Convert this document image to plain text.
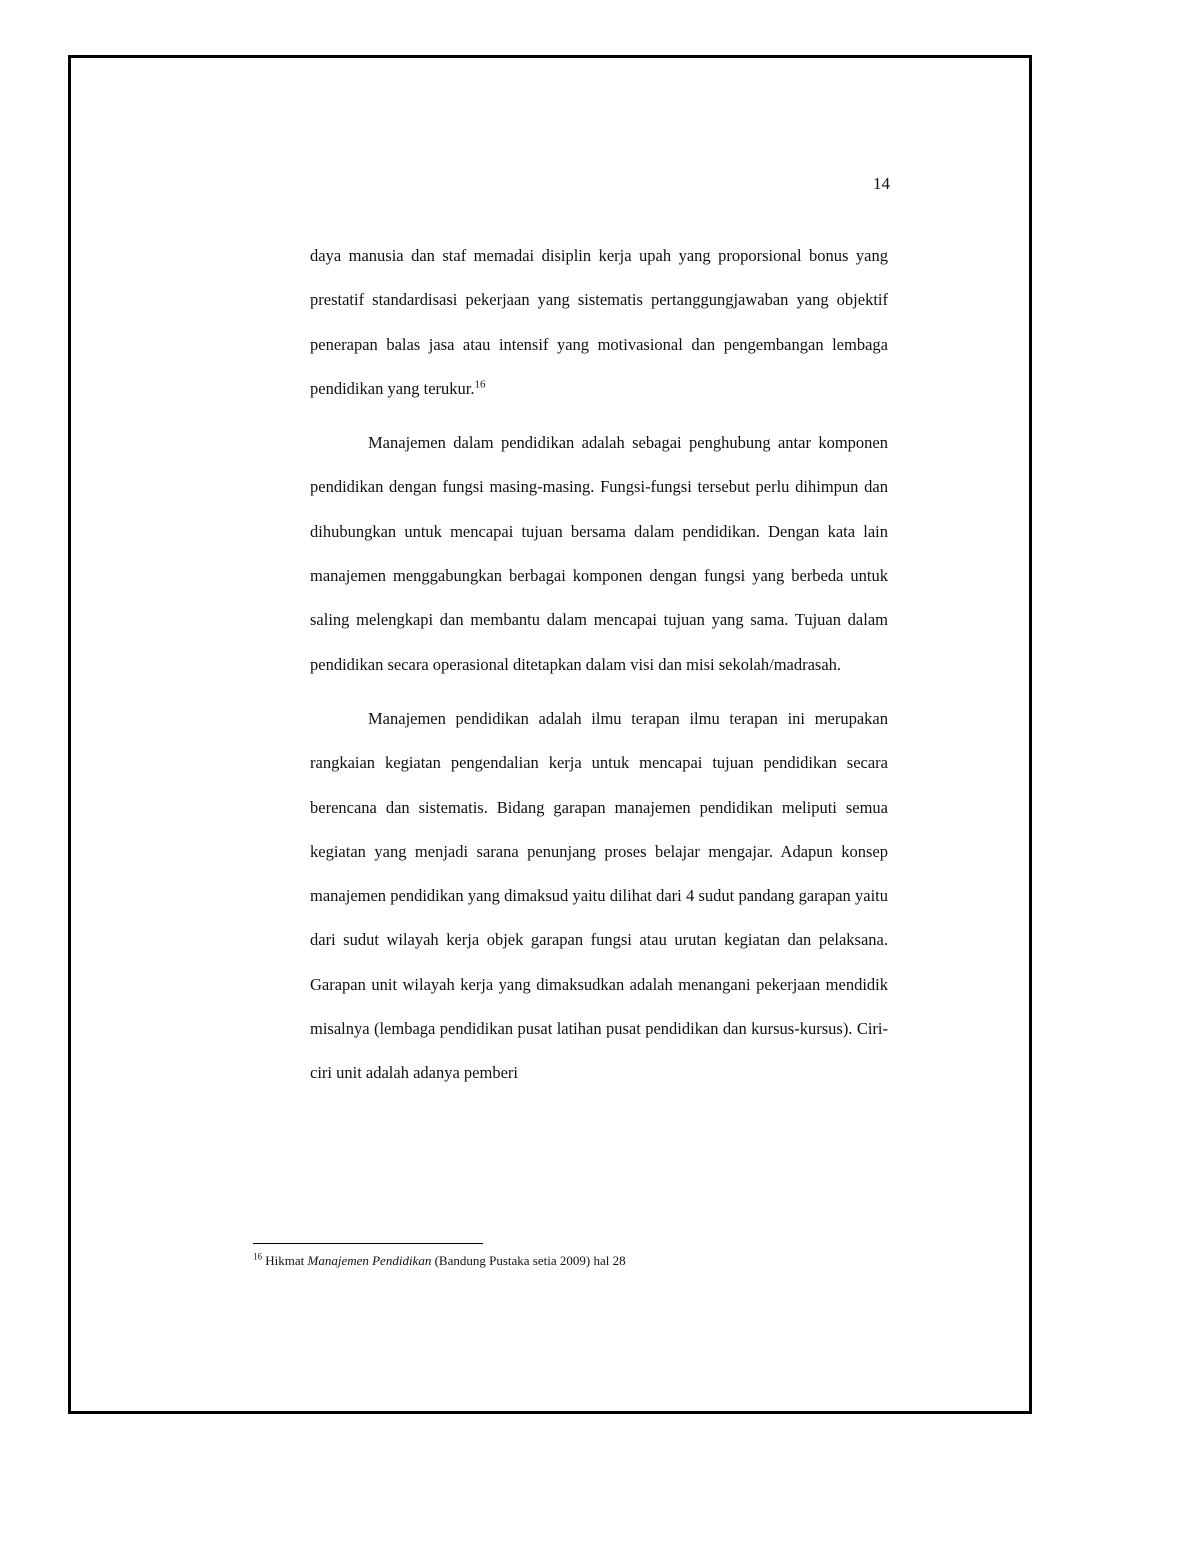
14

daya manusia dan staf memadai disiplin kerja upah yang proporsional bonus yang prestatif standardisasi pekerjaan yang sistematis pertanggungjawaban yang objektif penerapan balas jasa atau intensif yang motivasional dan pengembangan lembaga pendidikan yang terukur.$^{16}$

Manajemen dalam pendidikan adalah sebagai penghubung antar komponen pendidikan dengan fungsi masing-masing. Fungsi-fungsi tersebut perlu dihimpun dan dihubungkan untuk mencapai tujuan bersama dalam pendidikan. Dengan kata lain manajemen menggabungkan berbagai komponen dengan fungsi yang berbeda untuk saling melengkapi dan membantu dalam mencapai tujuan yang sama. Tujuan dalam pendidikan secara operasional ditetapkan dalam visi dan misi sekolah/madrasah.

Manajemen pendidikan adalah ilmu terapan ilmu terapan ini merupakan rangkaian kegiatan pengendalian kerja untuk mencapai tujuan pendidikan secara berencana dan sistematis. Bidang garapan manajemen pendidikan meliputi semua kegiatan yang menjadi sarana penunjang proses belajar mengajar. Adapun konsep manajemen pendidikan yang dimaksud yaitu dilihat dari 4 sudut pandang garapan yaitu dari sudut wilayah kerja objek garapan fungsi atau urutan kegiatan dan pelaksana. Garapan unit wilayah kerja yang dimaksudkan adalah menangani pekerjaan mendidik misalnya (lembaga pendidikan pusat latihan pusat pendidikan dan kursus-kursus). Ciri-ciri unit adalah adanya pemberi

$^{16}$ Hikmat Manajemen Pendidikan (Bandung Pustaka setia 2009) hal 28
